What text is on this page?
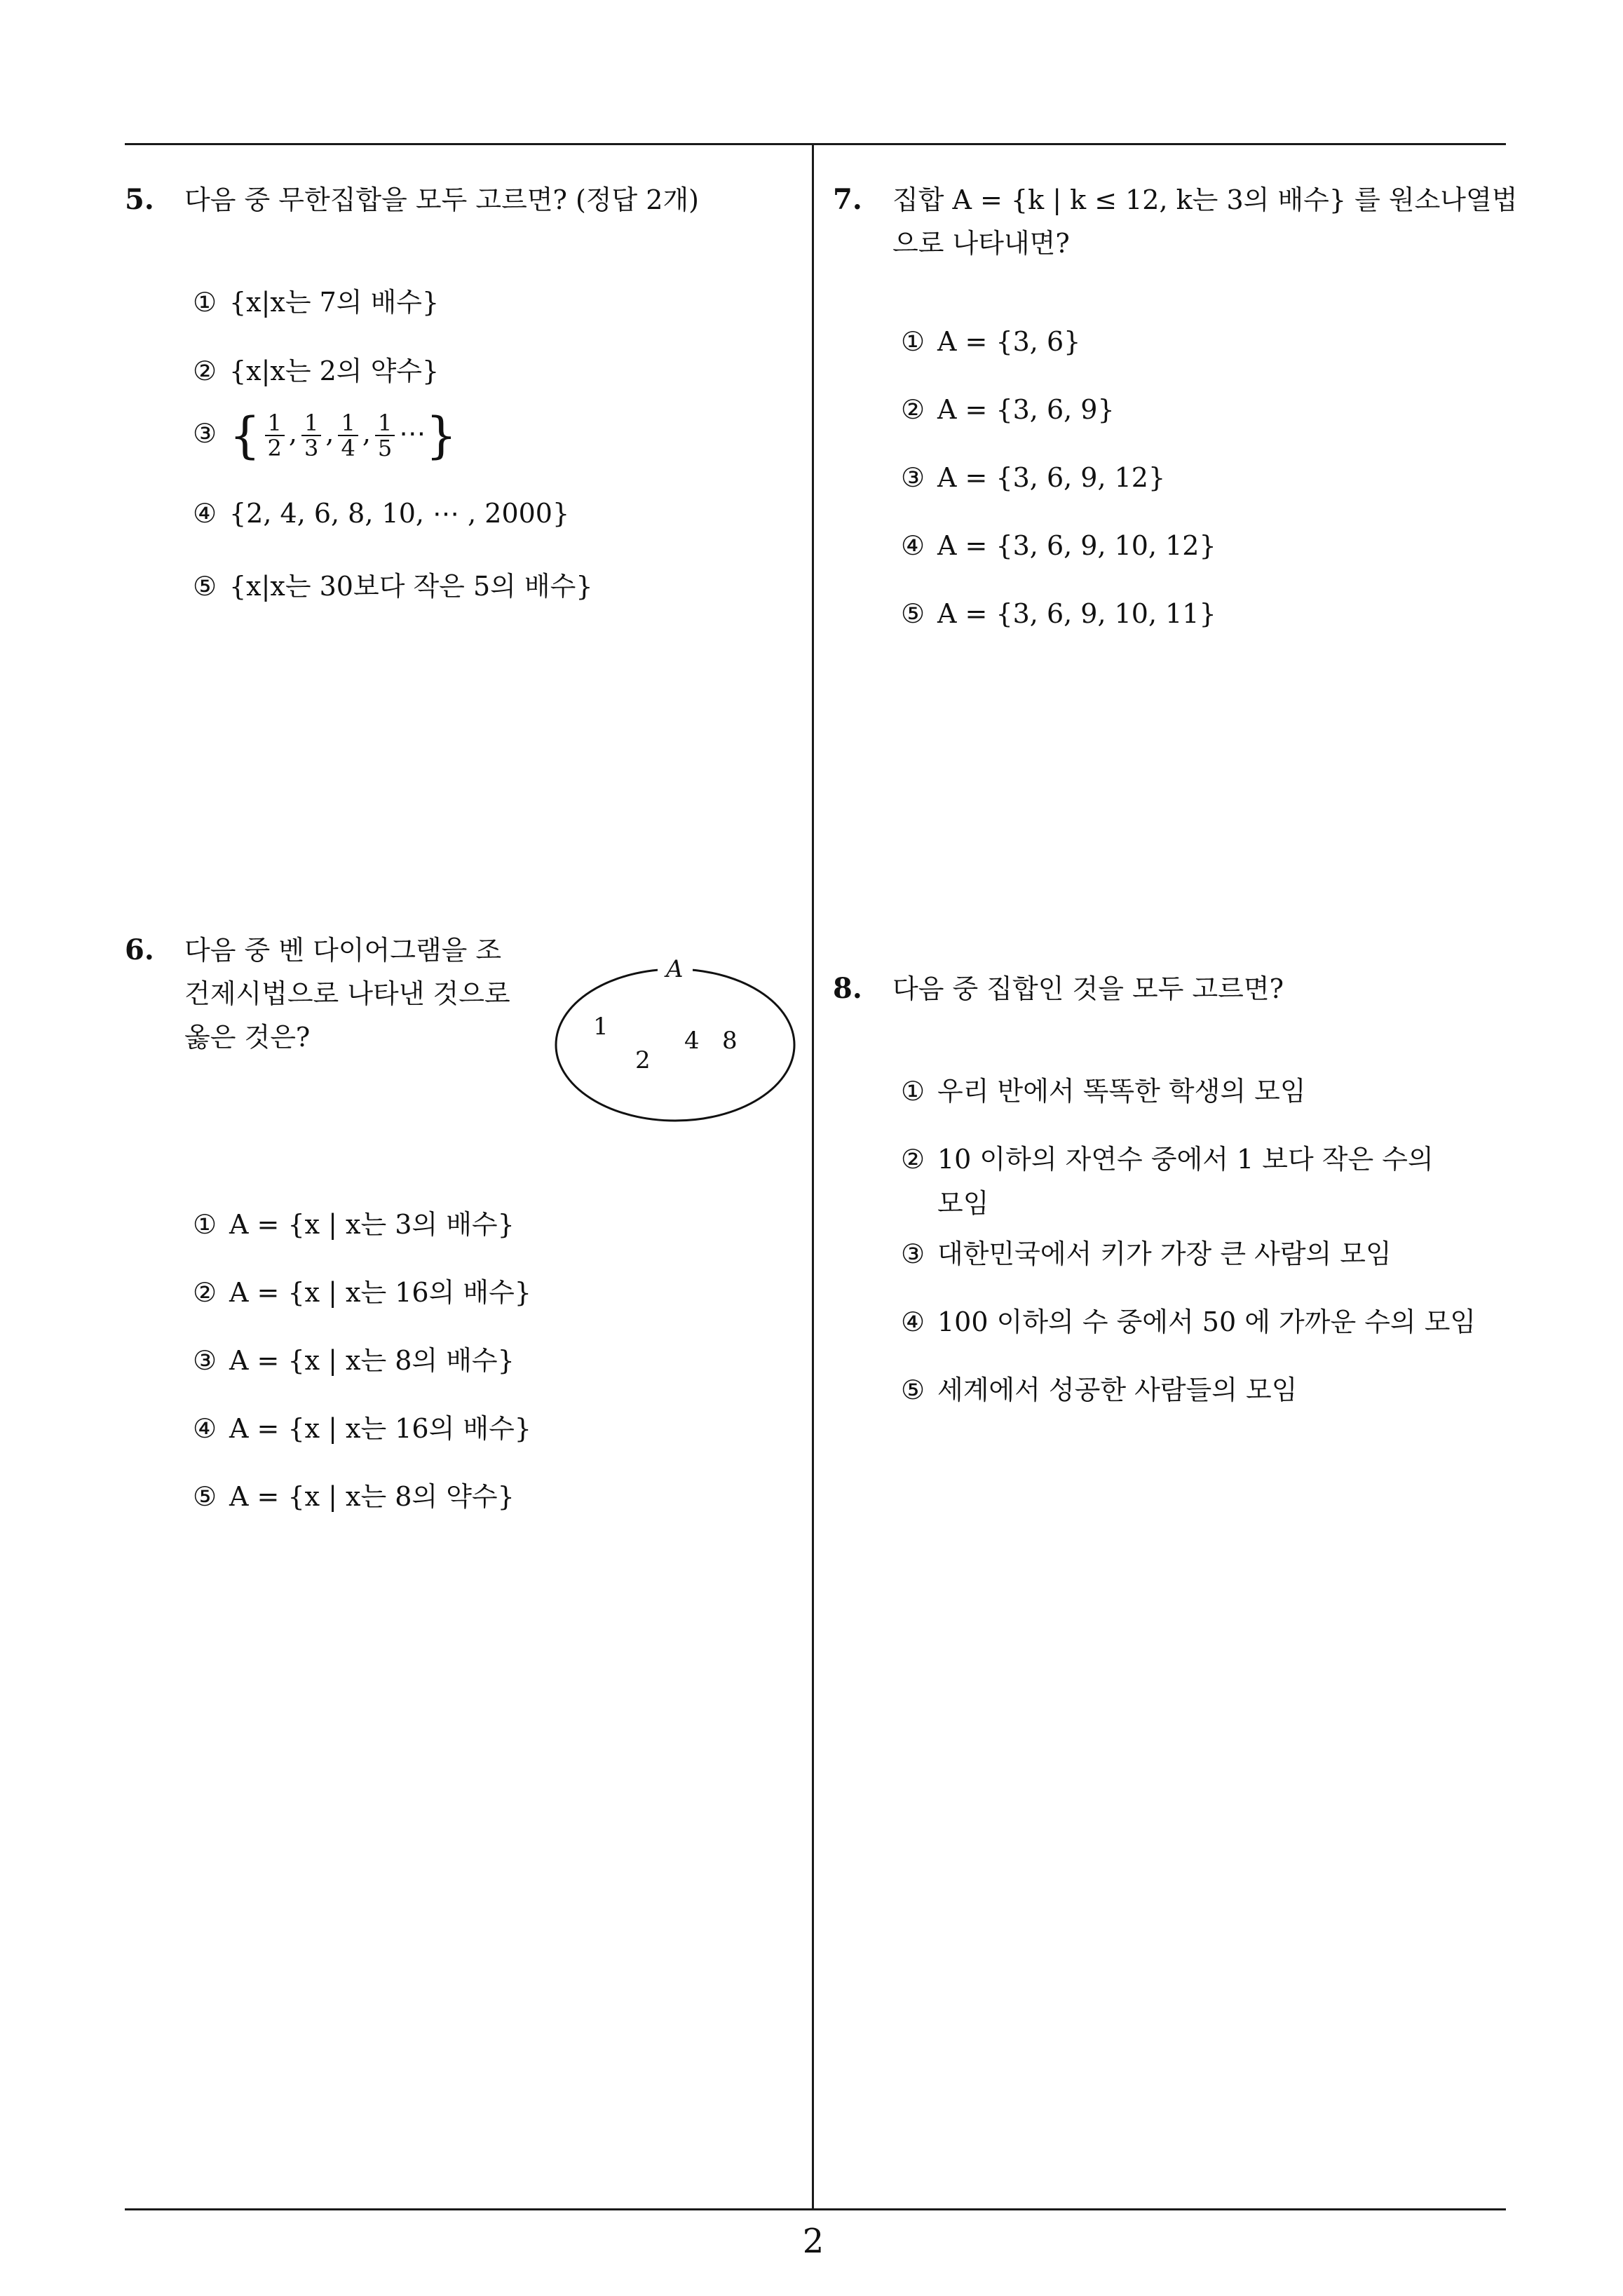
5. 다음 중 무한집합을 모두 고르면? (정답 2개)
① {x|x는 7의 배수}
② {x|x는 2의 약수}
③ { $\frac{1}{2}$ , $\frac{1}{3}$ , $\frac{1}{4}$ , $\frac{1}{5}$ ⋯}
④ {2, 4, 6, 8, 10, ⋯ , 2000}
⑤ {x|x는 30보다 작은 5의 배수}
6. 다음 중 벤 다이어그램을 조
건제시법으로 나타낸 것으로
옳은 것은?
A
1
2
4 8
① A = {x | x는 3의 배수}
② A = {x | x는 16의 배수}
③ A = {x | x는 8의 배수}
④ A = {x | x는 16의 배수}
⑤ A = {x | x는 8의 약수}
7. 집합 A = {k | k ≤ 12, k는 3의 배수} 를 원소나열법
으로 나타내면?
① A = {3, 6}
② A = {3, 6, 9}
③ A = {3, 6, 9, 12}
④ A = {3, 6, 9, 10, 12}
⑤ A = {3, 6, 9, 10, 11}
8. 다음 중 집합인 것을 모두 고르면?
① 우리 반에서 똑똑한 학생의 모임
② 10 이하의 자연수 중에서 1 보다 작은 수의
모임
③ 대한민국에서 키가 가장 큰 사람의 모임
④ 100 이하의 수 중에서 50 에 가까운 수의 모임
⑤ 세계에서 성공한 사람들의 모임
2
